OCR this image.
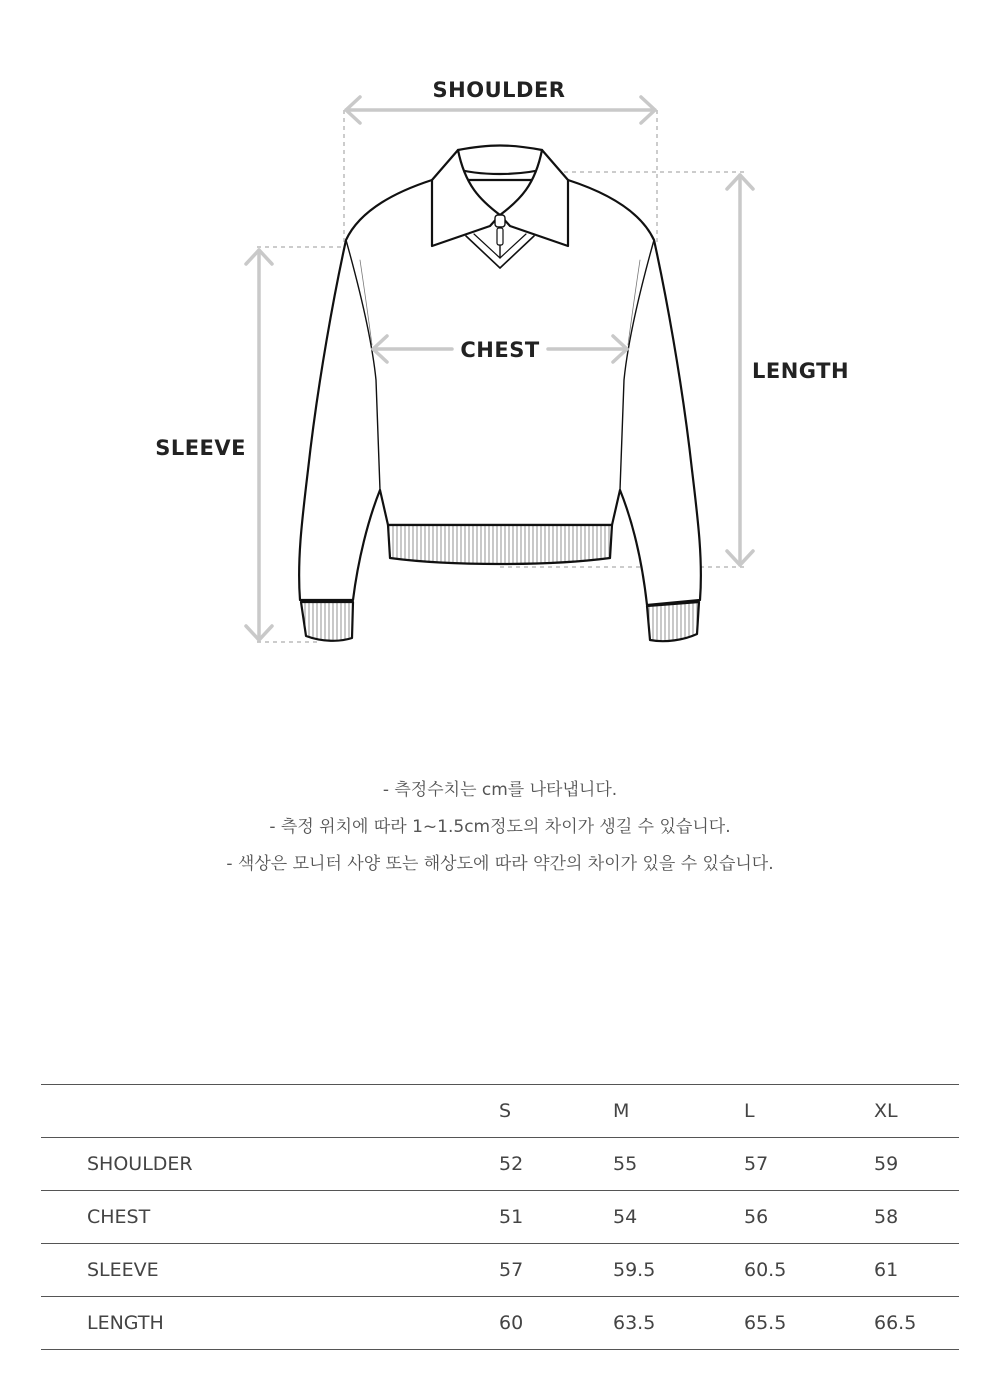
SHOULDER
CHEST
LENGTH
SLEEVE
- 측정수치는 cm를 나타냅니다.
- 측정 위치에 따라 1~1.5cm정도의 차이가 생길 수 있습니다.
- 색상은 모니터 사양 또는 해상도에 따라 약간의 차이가 있을 수 있습니다.
	S	M	L	XL
SHOULDER	52	55	57	59
CHEST	51	54	56	58
SLEEVE	57	59.5	60.5	61
LENGTH	60	63.5	65.5	66.5
